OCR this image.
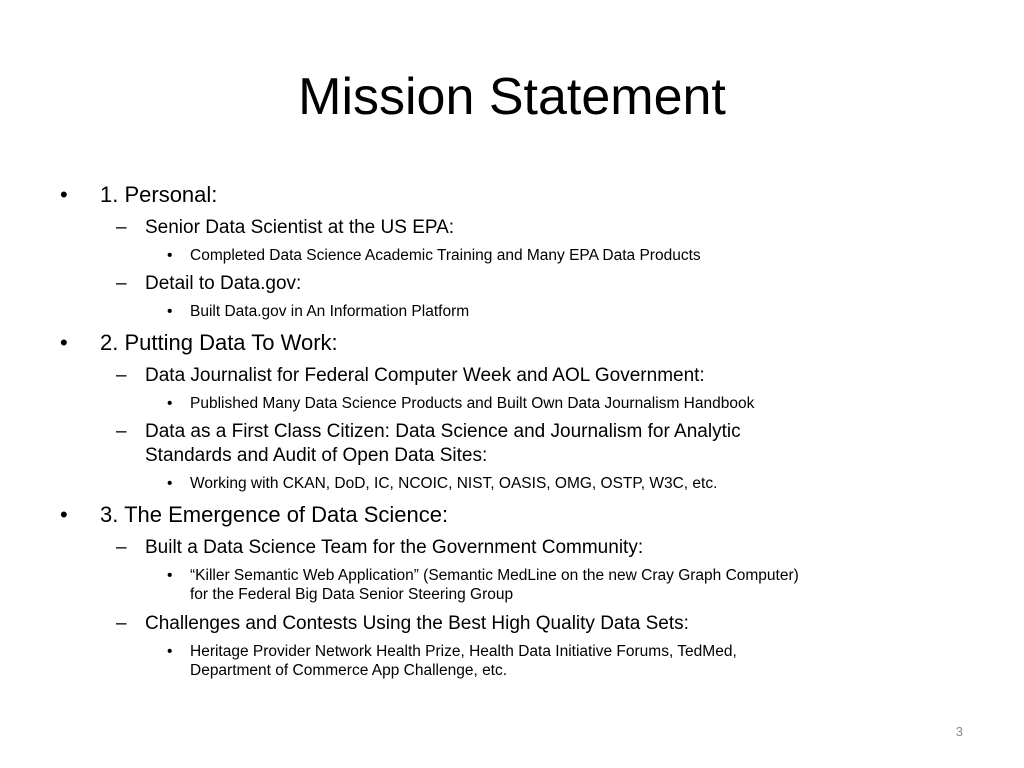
Mission Statement
• 1. Personal:
– Senior Data Scientist at the US EPA:
• Completed Data Science Academic Training and Many EPA Data Products
– Detail to Data.gov:
• Built Data.gov in An Information Platform
• 2. Putting Data To Work:
– Data Journalist for Federal Computer Week and AOL Government:
• Published Many Data Science Products and Built Own Data Journalism Handbook
– Data as a First Class Citizen: Data Science and Journalism for Analytic
Standards and Audit of Open Data Sites:
• Working with CKAN, DoD, IC, NCOIC, NIST, OASIS, OMG, OSTP, W3C, etc.
• 3. The Emergence of Data Science:
– Built a Data Science Team for the Government Community:
• “Killer Semantic Web Application” (Semantic MedLine on the new Cray Graph Computer)
for the Federal Big Data Senior Steering Group
– Challenges and Contests Using the Best High Quality Data Sets:
• Heritage Provider Network Health Prize, Health Data Initiative Forums, TedMed,
Department of Commerce App Challenge, etc.
3
